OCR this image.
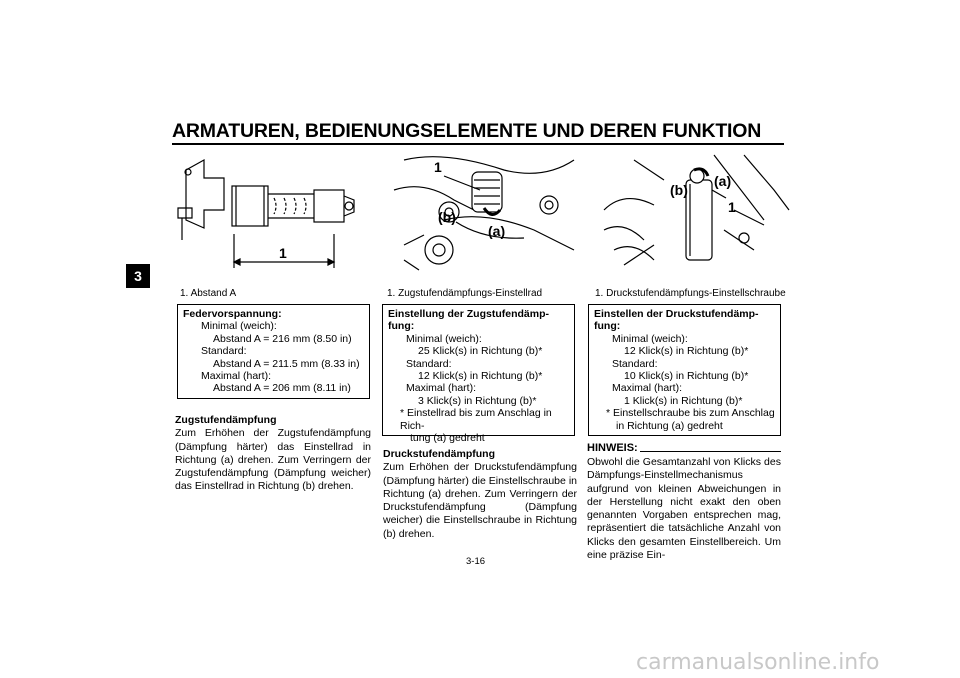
ARMATUREN, BEDIENUNGSELEMENTE UND DEREN FUNKTION
3
1
1. Abstand A
1
(b)
(a)
1. Zugstufendämpfungs-Einstellrad
(b)
(a)
1
1. Druckstufendämpfungs-Einstellschraube
Federvorspannung:
Minimal (weich):
Abstand A = 216 mm (8.50 in)
Standard:
Abstand A = 211.5 mm (8.33 in)
Maximal (hart):
Abstand A = 206 mm (8.11 in)
Einstellung der Zugstufendämp-
fung:
Minimal (weich):
25 Klick(s) in Richtung (b)*
Standard:
12 Klick(s) in Richtung (b)*
Maximal (hart):
3 Klick(s) in Richtung (b)*
* Einstellrad bis zum Anschlag in Rich-
tung (a) gedreht
Einstellen der Druckstufendämp-
fung:
Minimal (weich):
12 Klick(s) in Richtung (b)*
Standard:
10 Klick(s) in Richtung (b)*
Maximal (hart):
1 Klick(s) in Richtung (b)*
* Einstellschraube bis zum Anschlag
in Richtung (a) gedreht
Zugstufendämpfung
Zum Erhöhen der Zugstufendämpfung (Dämpfung härter) das Einstellrad in Richtung (a) drehen. Zum Verringern der Zugstufendämpfung (Dämpfung weicher) das Einstellrad in Richtung (b) drehen.
Druckstufendämpfung
Zum Erhöhen der Druckstufendämpfung (Dämpfung härter) die Einstellschraube in Richtung (a) drehen. Zum Verringern der Druckstufendämpfung (Dämpfung weicher) die Einstellschraube in Richtung (b) drehen.
HINWEIS:
Obwohl die Gesamtanzahl von Klicks des Dämpfungs-Einstellmechanismus aufgrund von kleinen Abweichungen in der Herstellung nicht exakt den oben genannten Vorgaben entsprechen mag, repräsentiert die tatsächliche Anzahl von Klicks den gesamten Einstellbereich. Um eine präzise Ein-
3-16
carmanualsonline.info
